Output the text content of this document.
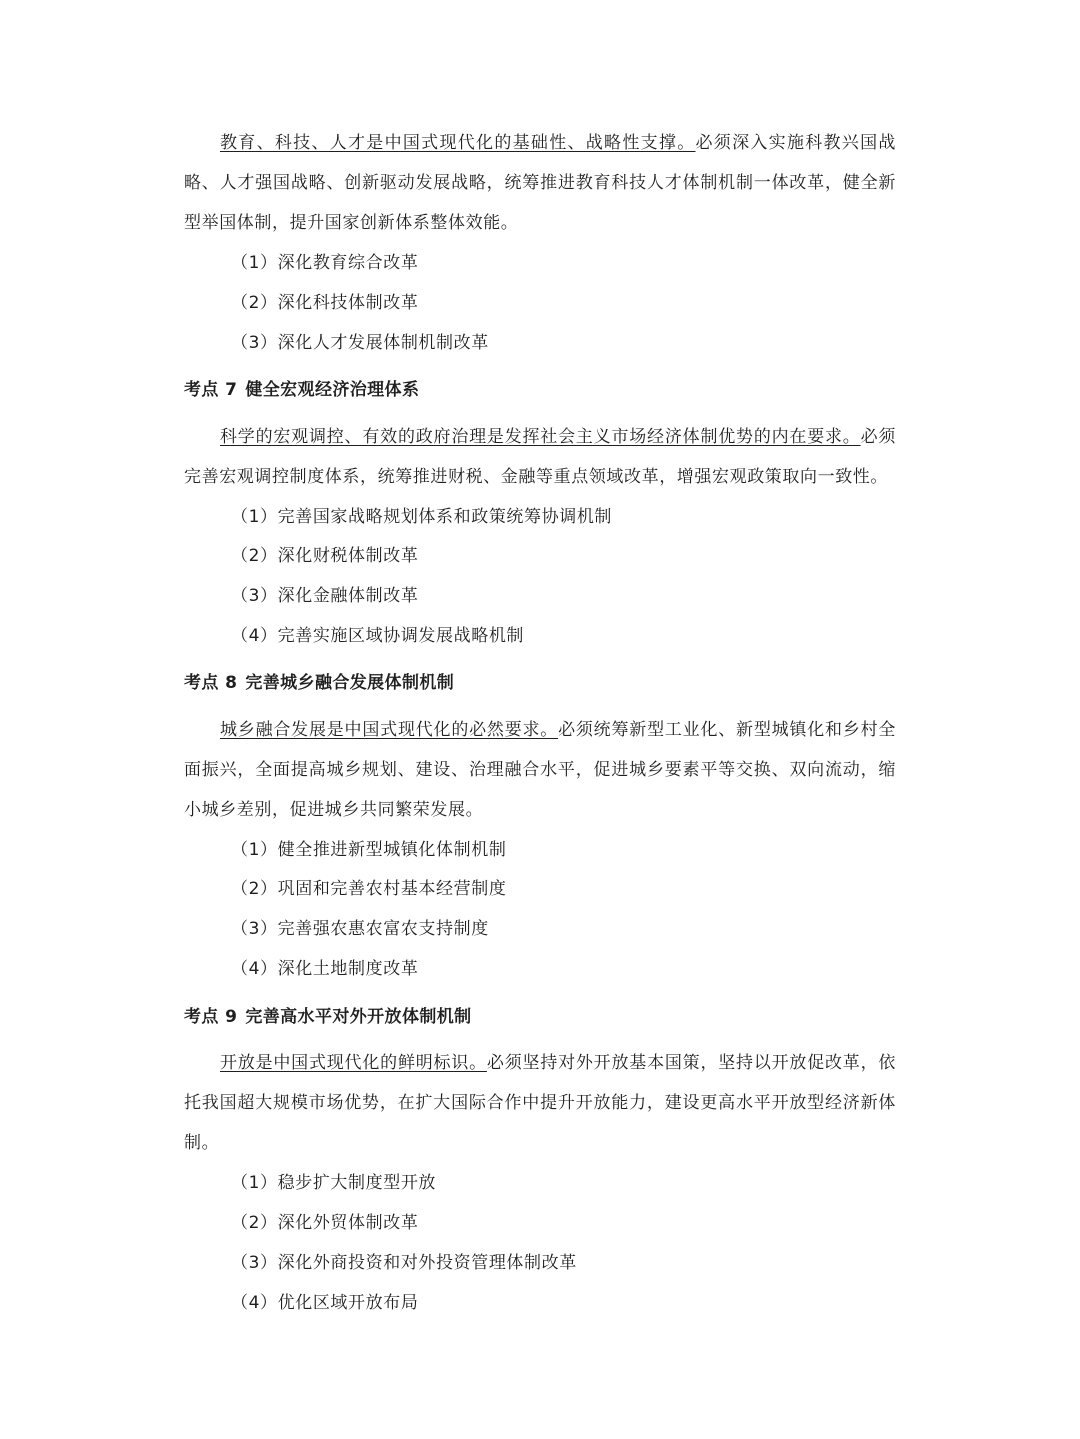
教育、科技、人才是中国式现代化的基础性、战略性支撑。必须深入实施科教兴国战略、人才强国战略、创新驱动发展战略，统筹推进教育科技人才体制机制一体改革，健全新型举国体制，提升国家创新体系整体效能。

（1）深化教育综合改革

（2）深化科技体制改革

（3）深化人才发展体制机制改革

考点 7 健全宏观经济治理体系

科学的宏观调控、有效的政府治理是发挥社会主义市场经济体制优势的内在要求。必须完善宏观调控制度体系，统筹推进财税、金融等重点领域改革，增强宏观政策取向一致性。

（1）完善国家战略规划体系和政策统筹协调机制

（2）深化财税体制改革

（3）深化金融体制改革

（4）完善实施区域协调发展战略机制

考点 8 完善城乡融合发展体制机制

城乡融合发展是中国式现代化的必然要求。必须统筹新型工业化、新型城镇化和乡村全面振兴，全面提高城乡规划、建设、治理融合水平，促进城乡要素平等交换、双向流动，缩小城乡差别，促进城乡共同繁荣发展。

（1）健全推进新型城镇化体制机制

（2）巩固和完善农村基本经营制度

（3）完善强农惠农富农支持制度

（4）深化土地制度改革

考点 9 完善高水平对外开放体制机制

开放是中国式现代化的鲜明标识。必须坚持对外开放基本国策，坚持以开放促改革，依托我国超大规模市场优势，在扩大国际合作中提升开放能力，建设更高水平开放型经济新体制。

（1）稳步扩大制度型开放

（2）深化外贸体制改革

（3）深化外商投资和对外投资管理体制改革

（4）优化区域开放布局
